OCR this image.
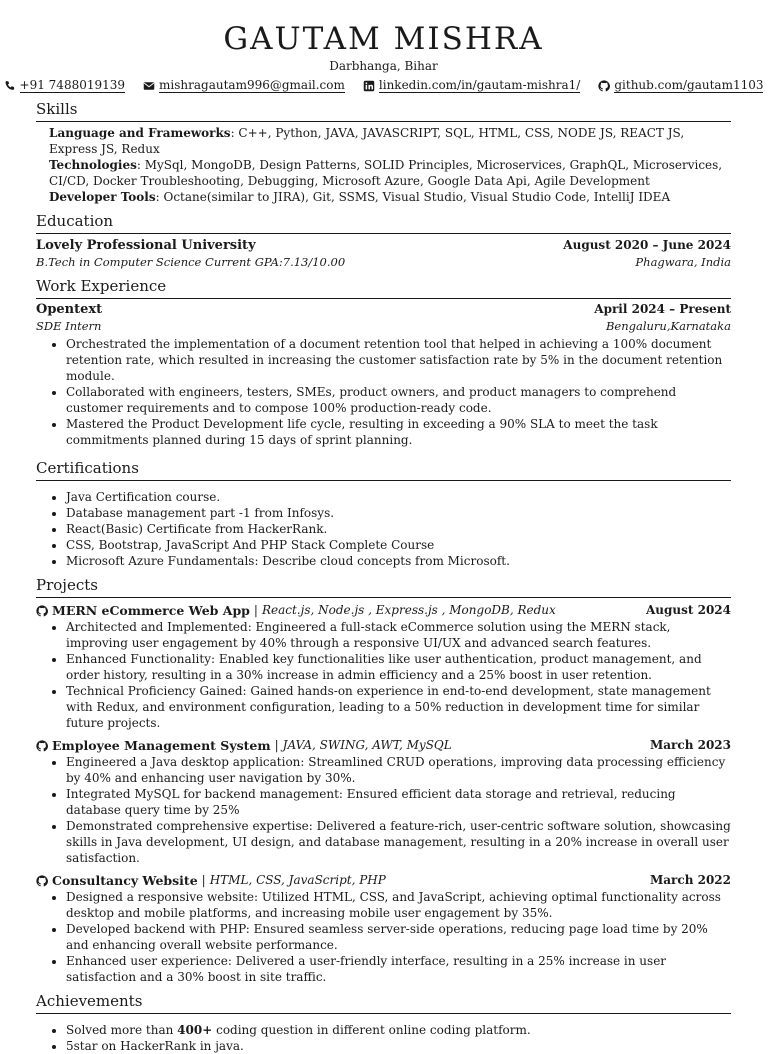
GAUTAM MISHRA
Darbhanga, Bihar
+91 7488019139	mishragautam996@gmail.com	linkedin.com/in/gautam-mishra1/	github.com/gautam1103
Skills
Language and Frameworks: C++, Python, JAVA, JAVASCRIPT, SQL, HTML, CSS, NODE JS, REACT JS, Express JS, Redux
Technologies: MySql, MongoDB, Design Patterns, SOLID Principles, Microservices, GraphQL, Microservices, CI/CD, Docker Troubleshooting, Debugging, Microsoft Azure, Google Data Api, Agile Development
Developer Tools: Octane(similar to JIRA), Git, SSMS, Visual Studio, Visual Studio Code, IntelliJ IDEA
Education
Lovely Professional University	August 2020 – June 2024
B.Tech in Computer Science Current GPA:7.13/10.00	Phagwara, India
Work Experience
Opentext	April 2024 – Present
SDE Intern	Bengaluru,Karnataka
• Orchestrated the implementation of a document retention tool that helped in achieving a 100% document retention rate, which resulted in increasing the customer satisfaction rate by 5% in the document retention module.
• Collaborated with engineers, testers, SMEs, product owners, and product managers to comprehend customer requirements and to compose 100% production-ready code.
• Mastered the Product Development life cycle, resulting in exceeding a 90% SLA to meet the task commitments planned during 15 days of sprint planning.
Certifications
• Java Certification course.
• Database management part -1 from Infosys.
• React(Basic) Certificate from HackerRank.
• CSS, Bootstrap, JavaScript And PHP Stack Complete Course
• Microsoft Azure Fundamentals: Describe cloud concepts from Microsoft.
Projects
MERN eCommerce Web App | React.js, Node.js , Express.js , MongoDB, Redux	August 2024
• Architected and Implemented: Engineered a full-stack eCommerce solution using the MERN stack, improving user engagement by 40% through a responsive UI/UX and advanced search features.
• Enhanced Functionality: Enabled key functionalities like user authentication, product management, and order history, resulting in a 30% increase in admin efficiency and a 25% boost in user retention.
• Technical Proficiency Gained: Gained hands-on experience in end-to-end development, state management with Redux, and environment configuration, leading to a 50% reduction in development time for similar future projects.
Employee Management System | JAVA, SWING, AWT, MySQL	March 2023
• Engineered a Java desktop application: Streamlined CRUD operations, improving data processing efficiency by 40% and enhancing user navigation by 30%.
• Integrated MySQL for backend management: Ensured efficient data storage and retrieval, reducing database query time by 25%
• Demonstrated comprehensive expertise: Delivered a feature-rich, user-centric software solution, showcasing skills in Java development, UI design, and database management, resulting in a 20% increase in overall user satisfaction.
Consultancy Website | HTML, CSS, JavaScript, PHP	March 2022
• Designed a responsive website: Utilized HTML, CSS, and JavaScript, achieving optimal functionality across desktop and mobile platforms, and increasing mobile user engagement by 35%.
• Developed backend with PHP: Ensured seamless server-side operations, reducing page load time by 20% and enhancing overall website performance.
• Enhanced user experience: Delivered a user-friendly interface, resulting in a 25% increase in user satisfaction and a 30% boost in site traffic.
Achievements
• Solved more than 400+ coding question in different online coding platform.
• 5star on HackerRank in java.
